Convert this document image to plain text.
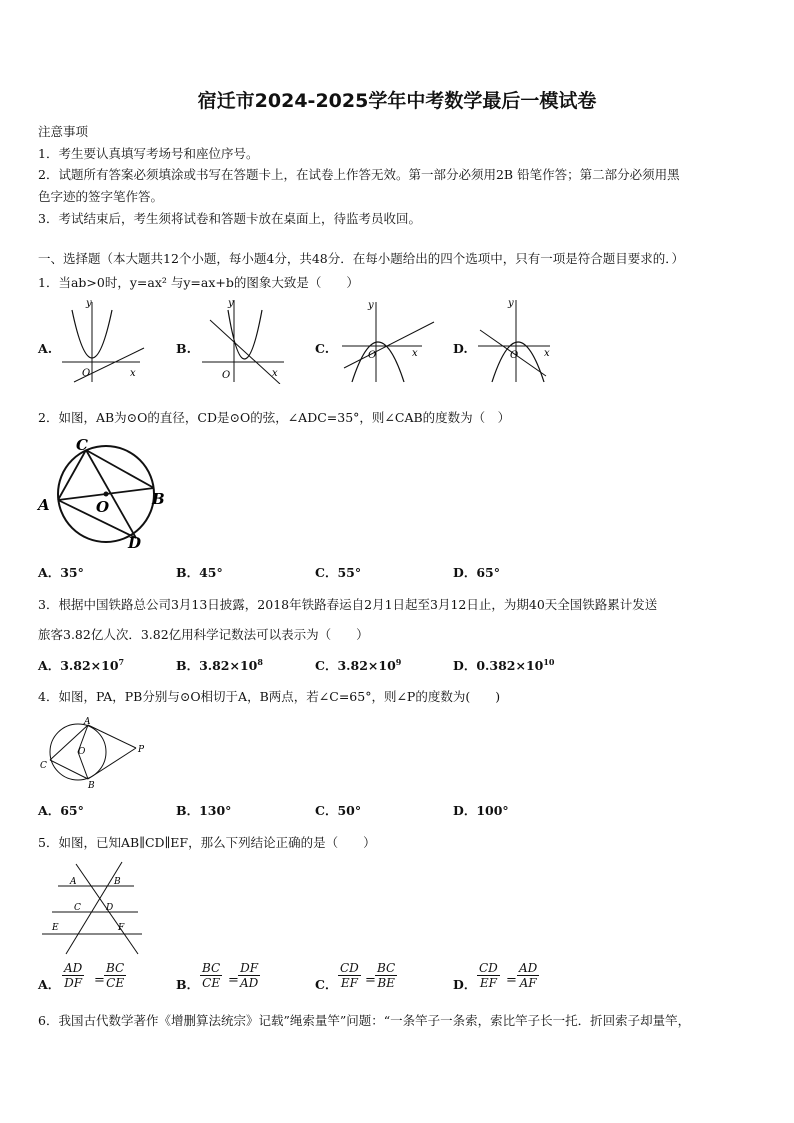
宿迁市2024-2025学年中考数学最后一模试卷
注意事项
1．考生要认真填写考场号和座位序号。
2．试题所有答案必须填涂或书写在答题卡上，在试卷上作答无效。第一部分必须用2B 铅笔作答；第二部分必须用黑
色字迹的签字笔作答。
3．考试结束后，考生须将试卷和答题卡放在桌面上，待监考员收回。
一、选择题（本大题共12个小题，每小题4分，共48分．在每小题给出的四个选项中，只有一项是符合题目要求的．）
1．当ab>0时，y=ax² 与y=ax+b的图象大致是（　　）
A.	B.	C.	D.
y
x
O
y
x
O
y
x
O
y
x
O
2．如图，AB为⊙O的直径，CD是⊙O的弦，∠ADC=35°，则∠CAB的度数为（　）
C
A	B
O
D
A．35°	B．45°	C．55°	D．65°
3．根据中国铁路总公司3月13日披露，2018年铁路春运自2月1日起至3月12日止，为期40天全国铁路累计发送
旅客3.82亿人次．3.82亿用科学记数法可以表示为（　　）
A．$3.82\times 10^7$	B．$3.82\times 10^8$	C．$3.82\times 10^9$	D．$0.382\times 10^{10}$
4．如图，PA，PB分别与⊙O相切于A，B两点，若∠C=65°，则∠P的度数为(　　)
A
B
C
O	P
A．65°	B．130°	C．50°	D．100°
5．如图，已知AB∥CD∥EF，那么下列结论正确的是（　　）
A	B
C	D
E	F
A． $\frac{AD}{DF} = \frac{BC}{CE}$	B． $\frac{BC}{CE} = \frac{DF}{AD}$	C． $\frac{CD}{EF} = \frac{BC}{BE}$	D． $\frac{CD}{EF} = \frac{AD}{AF}$
6．我国古代数学著作《增删算法统宗》记载”绳索量竿”问题：“一条竿子一条索，索比竿子长一托．折回索子却量竿，
